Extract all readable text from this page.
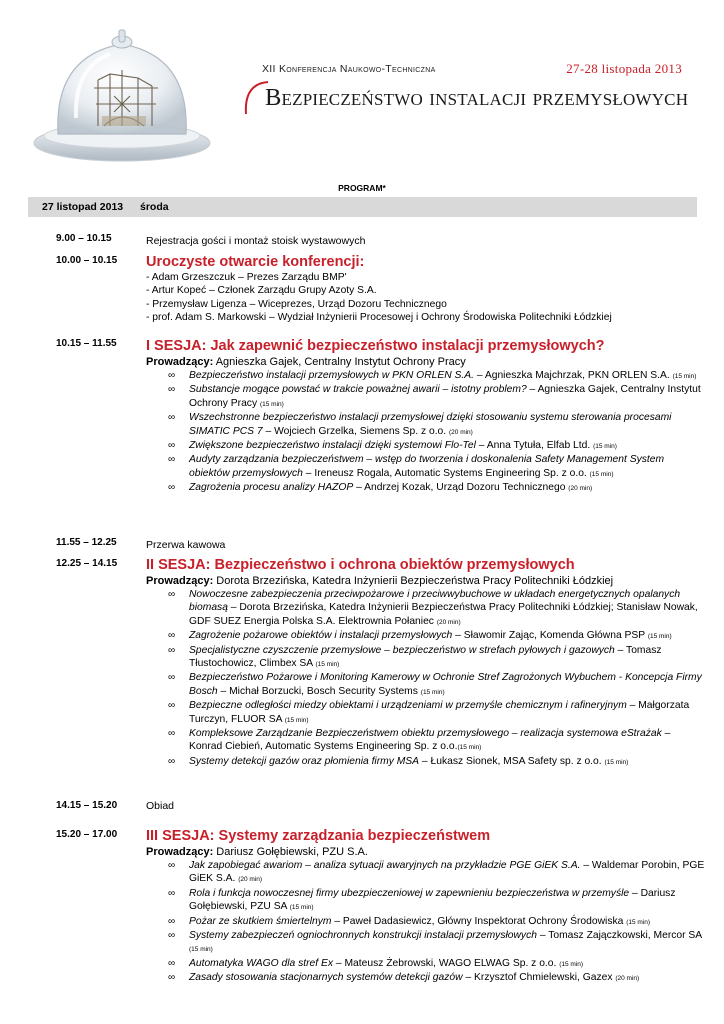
XII Konferencja Naukowo-Techniczna	27-28 listopada 2013
Bezpieczeństwo instalacji przemysłowych
PROGRAM*
27 listopad 2013 środa
9.00 – 10.15	Rejestracja gości i montaż stoisk wystawowych
10.00 – 10.15 Uroczyste otwarcie konferencji:
- Adam Grzeszczuk – Prezes Zarządu BMP'
- Artur Kopeć – Członek Zarządu Grupy Azoty S.A.
- Przemysław Ligenza – Wiceprezes, Urząd Dozoru Technicznego
- prof. Adam S. Markowski – Wydział Inżynierii Procesowej i Ochrony Środowiska Politechniki Łódzkiej
10.15 – 11.55 I SESJA: Jak zapewnić bezpieczeństwo instalacji przemysłowych?
Prowadzący: Agnieszka Gajek, Centralny Instytut Ochrony Pracy
∞ Bezpieczeństwo instalacji przemysłowych w PKN ORLEN S.A. – Agnieszka Majchrzak, PKN ORLEN S.A. (15 min)
∞ Substancje mogące powstać w trakcie poważnej awarii – istotny problem? – Agnieszka Gajek, Centralny Instytut Ochrony Pracy (15 min)
∞ Wszechstronne bezpieczeństwo instalacji przemysłowej dzięki stosowaniu systemu sterowania procesami SIMATIC PCS 7 – Wojciech Grzelka, Siemens Sp. z o.o. (20 min)
∞ Zwiększone bezpieczeństwo instalacji dzięki systemowi Flo-Tel – Anna Tytuła, Elfab Ltd. (15 min)
∞ Audyty zarządzania bezpieczeństwem – wstęp do tworzenia i doskonalenia Safety Management System obiektów przemysłowych – Ireneusz Rogala, Automatic Systems Engineering Sp. z o.o. (15 min)
∞ Zagrożenia procesu analizy HAZOP – Andrzej Kozak, Urząd Dozoru Technicznego (20 min)
11.55 – 12.25	Przerwa kawowa
12.25 – 14.15 II SESJA: Bezpieczeństwo i ochrona obiektów przemysłowych
Prowadzący: Dorota Brzezińska, Katedra Inżynierii Bezpieczeństwa Pracy Politechniki Łódzkiej
∞ Nowoczesne zabezpieczenia przeciwpożarowe i przeciwwybuchowe w układach energetycznych opalanych biomasą – Dorota Brzezińska, Katedra Inżynierii Bezpieczeństwa Pracy Politechniki Łódzkiej; Stanisław Nowak, GDF SUEZ Energia Polska S.A. Elektrownia Połaniec (20 min)
∞ Zagrożenie pożarowe obiektów i instalacji przemysłowych – Sławomir Zając, Komenda Główna PSP (15 min)
∞ Specjalistyczne czyszczenie przemysłowe – bezpieczeństwo w strefach pyłowych i gazowych – Tomasz Tłustochowicz, Climbex SA (15 min)
∞ Bezpieczeństwo Pożarowe i Monitoring Kamerowy w Ochronie Stref Zagrożonych Wybuchem - Koncepcja Firmy Bosch – Michał Borzucki, Bosch Security Systems (15 min)
∞ Bezpieczne odległości miedzy obiektami i urządzeniami w przemyśle chemicznym i rafineryjnym – Małgorzata Turczyn, FLUOR SA (15 min)
∞ Kompleksowe Zarządzanie Bezpieczeństwem obiektu przemysłowego – realizacja systemowa eStrażak – Konrad Ciebień, Automatic Systems Engineering Sp. z o.o.(15 min)
∞ Systemy detekcji gazów oraz płomienia firmy MSA – Łukasz Sionek, MSA Safety sp. z o.o. (15 min)
14.15 – 15.20	Obiad
15.20 – 17.00 III SESJA: Systemy zarządzania bezpieczeństwem
Prowadzący: Dariusz Gołębiewski, PZU S.A.
∞ Jak zapobiegać awariom – analiza sytuacji awaryjnych na przykładzie PGE GiEK S.A. – Waldemar Porobin, PGE GiEK S.A. (20 min)
∞ Rola i funkcja nowoczesnej firmy ubezpieczeniowej w zapewnieniu bezpieczeństwa w przemyśle – Dariusz Gołębiewski, PZU SA (15 min)
∞ Pożar ze skutkiem śmiertelnym – Paweł Dadasiewicz, Główny Inspektorat Ochrony Środowiska (15 min)
∞ Systemy zabezpieczeń ogniochronnych konstrukcji instalacji przemysłowych – Tomasz Zajączkowski, Mercor SA (15 min)
∞ Automatyka WAGO dla stref Ex – Mateusz Żebrowski, WAGO ELWAG Sp. z o.o. (15 min)
∞ Zasady stosowania stacjonarnych systemów detekcji gazów – Krzysztof Chmielewski, Gazex (20 min)
